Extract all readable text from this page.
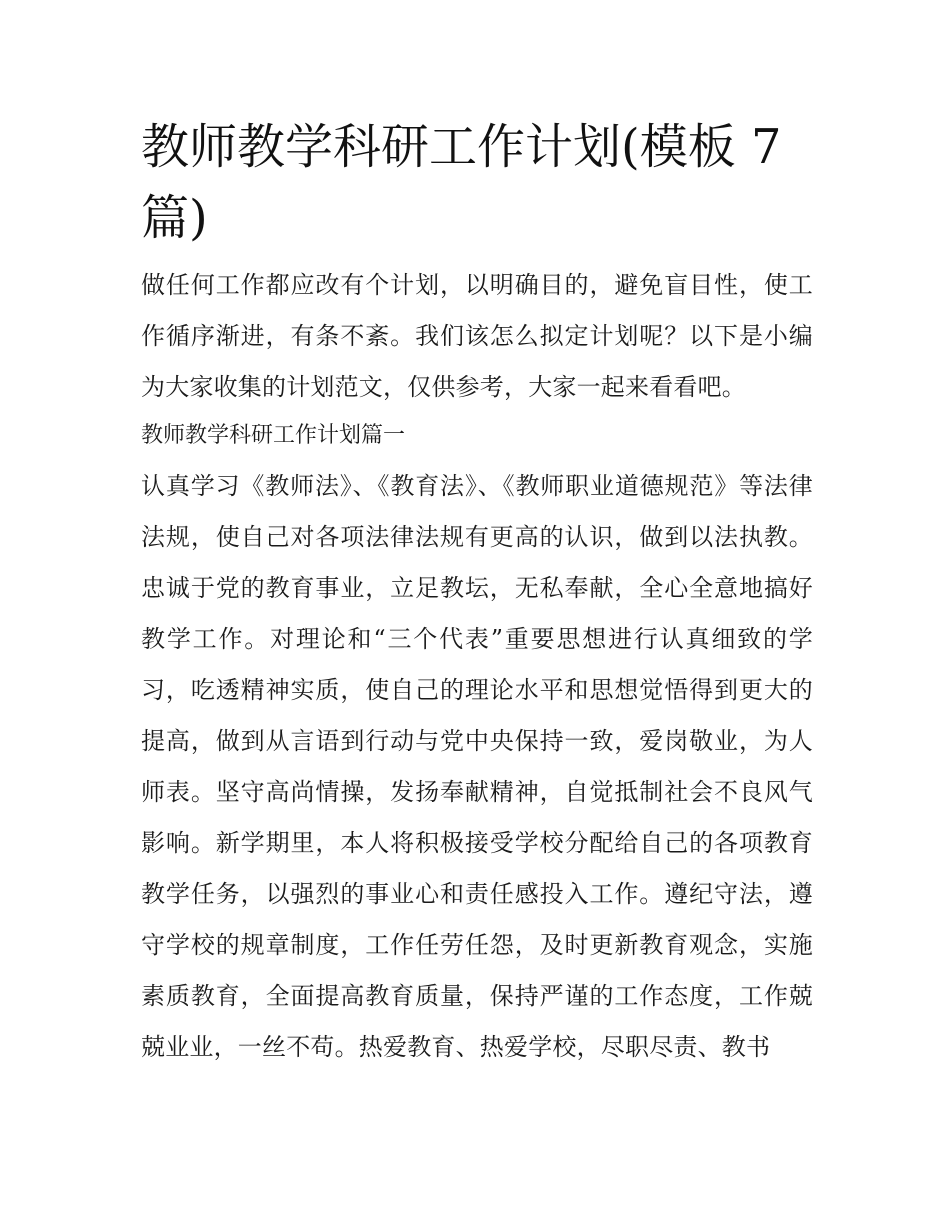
教师教学科研工作计划(模板 7 篇)

做任何工作都应改有个计划，以明确目的，避免盲目性，使工作循序渐进，有条不紊。我们该怎么拟定计划呢？以下是小编为大家收集的计划范文，仅供参考，大家一起来看看吧。

教师教学科研工作计划篇一

认真学习《教师法》、《教育法》、《教师职业道德规范》等法律法规，使自己对各项法律法规有更高的认识，做到以法执教。忠诚于党的教育事业，立足教坛，无私奉献，全心全意地搞好教学工作。对理论和“三个代表”重要思想进行认真细致的学习，吃透精神实质，使自己的理论水平和思想觉悟得到更大的提高，做到从言语到行动与党中央保持一致，爱岗敬业，为人师表。坚守高尚情操，发扬奉献精神，自觉抵制社会不良风气影响。新学期里，本人将积极接受学校分配给自己的各项教育教学任务，以强烈的事业心和责任感投入工作。遵纪守法，遵守学校的规章制度，工作任劳任怨，及时更新教育观念，实施素质教育，全面提高教育质量，保持严谨的工作态度，工作兢兢业业，一丝不苟。热爱教育、热爱学校，尽职尽责、教书
